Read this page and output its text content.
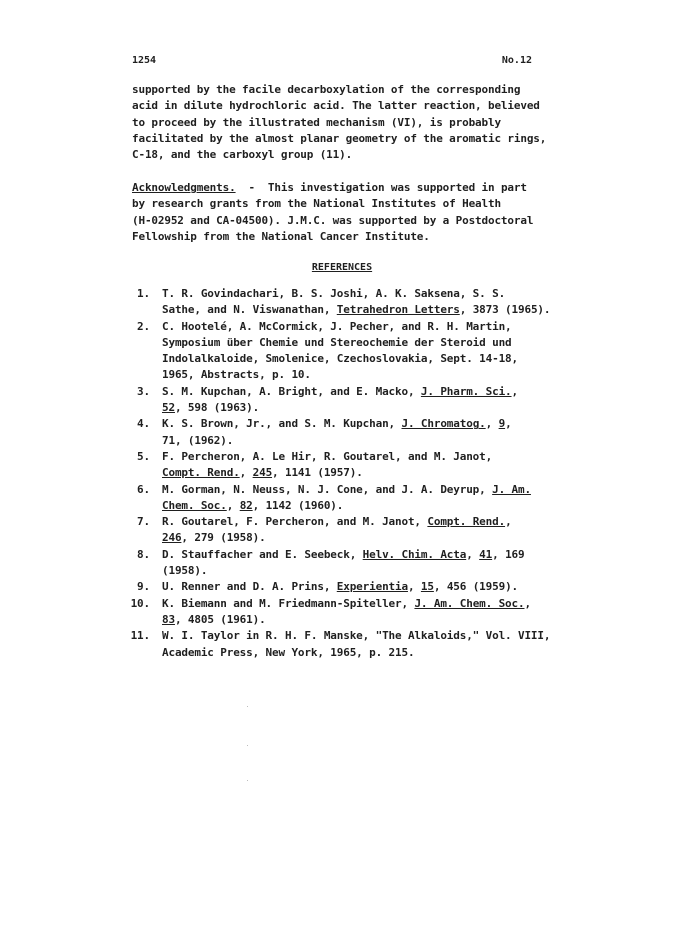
1254	No.12
supported by the facile decarboxylation of the corresponding
acid in dilute hydrochloric acid. The latter reaction, believed
to proceed by the illustrated mechanism (VI), is probably
facilitated by the almost planar geometry of the aromatic rings,
C-18, and the carboxyl group (11).
Acknowledgments.  -  This investigation was supported in part
by research grants from the National Institutes of Health
(H-02952 and CA-04500). J.M.C. was supported by a Postdoctoral
Fellowship from the National Cancer Institute.
REFERENCES
1. T. R. Govindachari, B. S. Joshi, A. K. Saksena, S. S.
Sathe, and N. Viswanathan, Tetrahedron Letters, 3873 (1965).
2. C. Hootelé, A. McCormick, J. Pecher, and R. H. Martin,
Symposium über Chemie und Stereochemie der Steroid und
Indolalkaloide, Smolenice, Czechoslovakia, Sept. 14-18,
1965, Abstracts, p. 10.
3. S. M. Kupchan, A. Bright, and E. Macko, J. Pharm. Sci.,
52, 598 (1963).
4. K. S. Brown, Jr., and S. M. Kupchan, J. Chromatog., 9,
71, (1962).
5. F. Percheron, A. Le Hir, R. Goutarel, and M. Janot,
Compt. Rend., 245, 1141 (1957).
6. M. Gorman, N. Neuss, N. J. Cone, and J. A. Deyrup, J. Am.
Chem. Soc., 82, 1142 (1960).
7. R. Goutarel, F. Percheron, and M. Janot, Compt. Rend.,
246, 279 (1958).
8. D. Stauffacher and E. Seebeck, Helv. Chim. Acta, 41, 169
(1958).
9. U. Renner and D. A. Prins, Experientia, 15, 456 (1959).
10. K. Biemann and M. Friedmann-Spiteller, J. Am. Chem. Soc.,
83, 4805 (1961).
11. W. I. Taylor in R. H. F. Manske, "The Alkaloids," Vol. VIII,
Academic Press, New York, 1965, p. 215.
